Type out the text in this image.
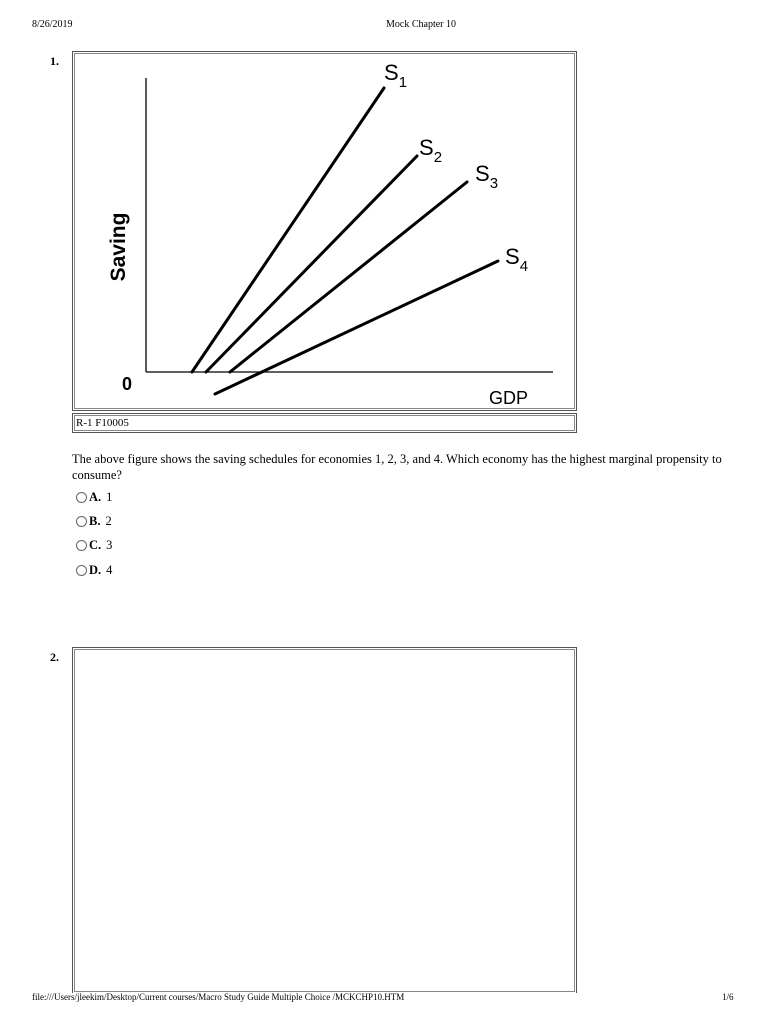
8/26/2019	Mock Chapter 10
1.
Saving
0
GDP
$S_1$
$S_2$
$S_3$
$S_4$
R-1 F10005
The above figure shows the saving schedules for economies 1, 2, 3, and 4. Which economy has the highest marginal propensity to consume?
A. 1
B. 2
C. 3
D. 4
2.
file:///Users/jleekim/Desktop/Current courses/Macro Study Guide Multiple Choice /MCKCHP10.HTM	1/6
